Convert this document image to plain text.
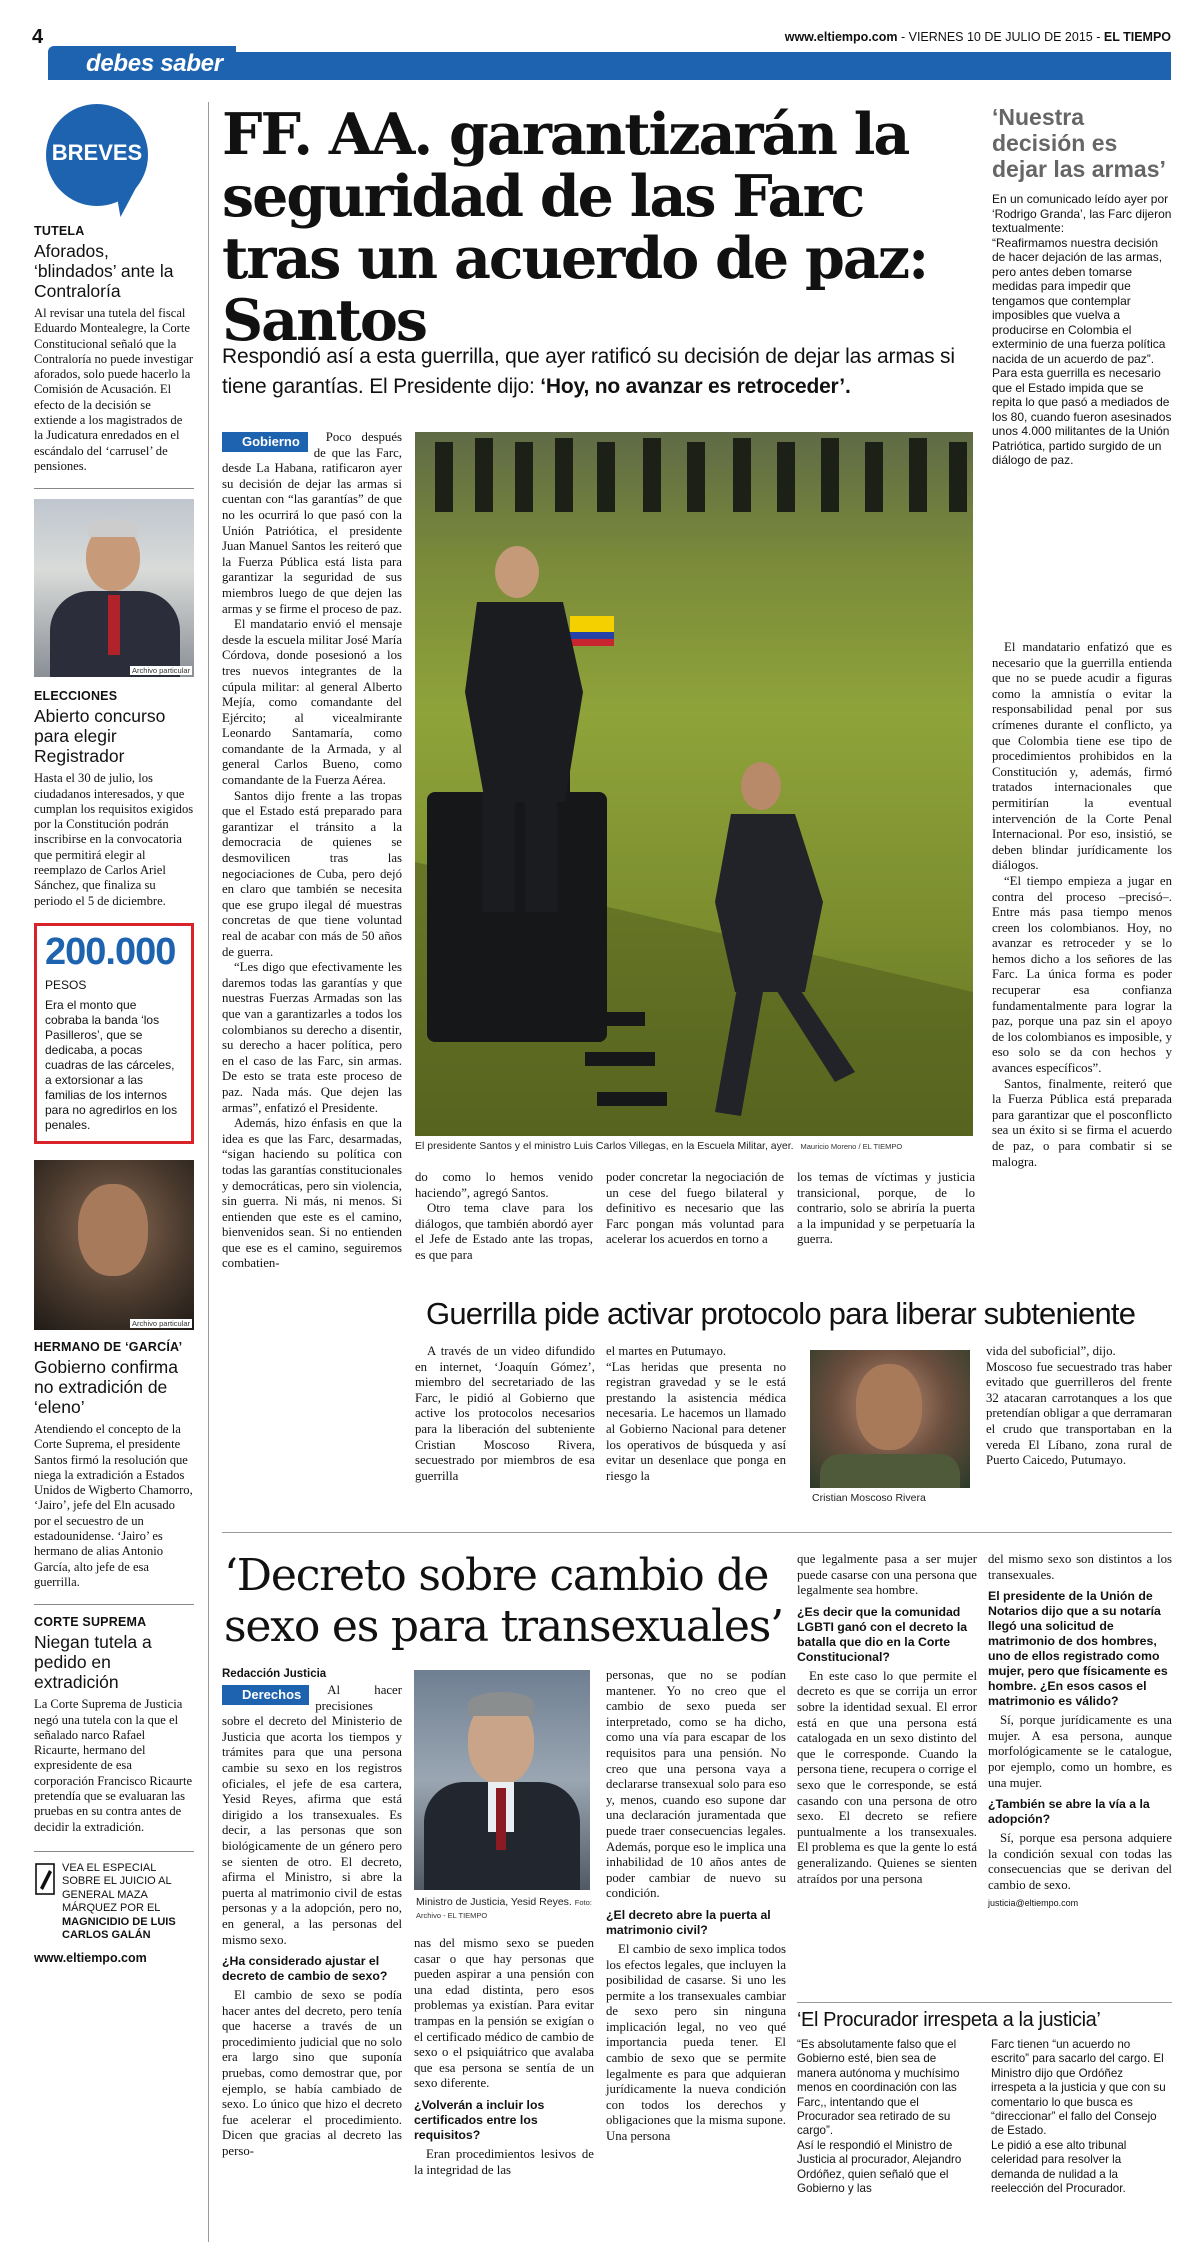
4	www.eltiempo.com - VIERNES 10 DE JULIO DE 2015 - EL TIEMPO
debes saber
BREVES
TUTELA
Aforados, ‘blindados’ ante la Contraloría

Al revisar una tutela del fiscal Eduardo Montealegre, la Corte Constitucional señaló que la Contraloría no puede investigar aforados, solo puede hacerlo la Comisión de Acusación. El efecto de la decisión se extiende a los magistrados de la Judicatura enredados en el escándalo del ‘carrusel’ de pensiones.

Archivo particular
ELECCIONES
Abierto concurso para elegir Registrador

Hasta el 30 de julio, los ciudadanos interesados, y que cumplan los requisitos exigidos por la Constitución podrán inscribirse en la convocatoria que permitirá elegir al reemplazo de Carlos Ariel Sánchez, que finaliza su periodo el 5 de diciembre.

200.000
PESOS
Era el monto que cobraba la banda ‘los Pasilleros’, que se dedicaba, a pocas cuadras de las cárceles, a extorsionar a las familias de los internos para no agredirlos en los penales.
Archivo particular
HERMANO DE ‘GARCÍA’
Gobierno confirma no extradición de ‘eleno’

Atendiendo el concepto de la Corte Suprema, el presidente Santos firmó la resolución que niega la extradición a Estados Unidos de Wigberto Chamorro, ‘Jairo’, jefe del Eln acusado por el secuestro de un estadounidense. ‘Jairo’ es hermano de alias Antonio García, alto jefe de esa guerrilla.

CORTE SUPREMA
Niegan tutela a pedido en extradición

La Corte Suprema de Justicia negó una tutela con la que el señalado narco Rafael Ricaurte, hermano del expresidente de esa corporación Francisco Ricaurte pretendía que se evaluaran las pruebas en su contra antes de decidir la extradición.

VEA EL ESPECIAL SOBRE EL JUICIO AL GENERAL MAZA MÁRQUEZ POR EL MAGNICIDIO DE LUIS CARLOS GALÁN
www.eltiempo.com
FF. AA. garantizarán la seguridad de las Farc tras un acuerdo de paz: Santos
Respondió así a esta guerrilla, que ayer ratificó su decisión de dejar las armas si tiene garantías. El Presidente dijo: ‘Hoy, no avanzar es retroceder’.
‘Nuestra decisión es dejar las armas’
En un comunicado leído ayer por ‘Rodrigo Granda’, las Farc dijeron textualmente:
“Reafirmamos nuestra decisión de hacer dejación de las armas, pero antes deben tomarse medidas para impedir que tengamos que contemplar imposibles que vuelva a producirse en Colombia el exterminio de una fuerza política nacida de un acuerdo de paz”.
Para esta guerrilla es necesario que el Estado impida que se repita lo que pasó a mediados de los 80, cuando fueron asesinados unos 4.000 militantes de la Unión Patriótica, partido surgido de un diálogo de paz.

Gobierno	Poco después de que las Farc, desde La Habana, ratificaron ayer su decisión de dejar las armas si cuentan con “las garantías” de que no les ocurrirá lo que pasó con la Unión Patriótica, el presidente Juan Manuel Santos les reiteró que la Fuerza Pública está lista para garantizar la seguridad de sus miembros luego de que dejen las armas y se firme el proceso de paz.

El mandatario envió el mensaje desde la escuela militar José María Córdova, donde posesionó a los tres nuevos integrantes de la cúpula militar: al general Alberto Mejía, como comandante del Ejército; al vicealmirante Leonardo Santamaría, como comandante de la Armada, y al general Carlos Bueno, como comandante de la Fuerza Aérea.

Santos dijo frente a las tropas que el Estado está preparado para garantizar el tránsito a la democracia de quienes se desmovilicen tras las negociaciones de Cuba, pero dejó en claro que también se necesita que ese grupo ilegal dé muestras concretas de que tiene voluntad real de acabar con más de 50 años de guerra.

“Les digo que efectivamente les daremos todas las garantías y que nuestras Fuerzas Armadas son las que van a garantizarles a todos los colombianos su derecho a disentir, su derecho a hacer política, pero en el caso de las Farc, sin armas. De esto se trata este proceso de paz. Nada más. Que dejen las armas”, enfatizó el Presidente.

Además, hizo énfasis en que la idea es que las Farc, desarmadas, “sigan haciendo su política con todas las garantías constitucionales y democráticas, pero sin violencia, sin guerra. Ni más, ni menos. Si entienden que este es el camino, bienvenidos sean. Si no entienden que ese es el camino, seguiremos combatien-

El presidente Santos y el ministro Luis Carlos Villegas, en la Escuela Militar, ayer. Mauricio Moreno / EL TIEMPO

do como lo hemos venido haciendo”, agregó Santos.

Otro tema clave para los diálogos, que también abordó ayer el Jefe de Estado ante las tropas, es que para

poder concretar la negociación de un cese del fuego bilateral y definitivo es necesario que las Farc pongan más voluntad para acelerar los acuerdos en torno a

los temas de víctimas y justicia transicional, porque, de lo contrario, solo se abriría la puerta a la impunidad y se perpetuaría la guerra.

El mandatario enfatizó que es necesario que la guerrilla entienda que no se puede acudir a figuras como la amnistía o evitar la responsabilidad penal por sus crímenes durante el conflicto, ya que Colombia tiene ese tipo de procedimientos prohibidos en la Constitución y, además, firmó tratados internacionales que permitirían la eventual intervención de la Corte Penal Internacional. Por eso, insistió, se deben blindar jurídicamente los diálogos.

“El tiempo empieza a jugar en contra del proceso –precisó–. Entre más pasa tiempo menos creen los colombianos. Hoy, no avanzar es retroceder y se lo hemos dicho a los señores de las Farc. La única forma es poder recuperar esa confianza fundamentalmente para lograr la paz, porque una paz sin el apoyo de los colombianos es imposible, y eso solo se da con hechos y avances específicos”.

Santos, finalmente, reiteró que la Fuerza Pública está preparada para garantizar que el posconflicto sea un éxito si se firma el acuerdo de paz, o para combatir si se malogra.

Guerrilla pide activar protocolo para liberar subteniente

A través de un video difundido en internet, ‘Joaquín Gómez’, miembro del secretariado de las Farc, le pidió al Gobierno que active los protocolos necesarios para la liberación del subteniente Cristian Moscoso Rivera, secuestrado por miembros de esa guerrilla

el martes en Putumayo.
“Las heridas que presenta no registran gravedad y se le está prestando la asistencia médica necesaria. Le hacemos un llamado al Gobierno Nacional para detener los operativos de búsqueda y así evitar un desenlace que ponga en riesgo la

Cristian Moscoso Rivera

vida del suboficial”, dijo.
Moscoso fue secuestrado tras haber evitado que guerrilleros del frente 32 atacaran carrotanques a los que pretendían obligar a que derramaran el crudo que transportaban en la vereda El Líbano, zona rural de Puerto Caicedo, Putumayo.

‘Decreto sobre cambio de sexo es para transexuales’
Redacción Justicia

Derechos	Al hacer precisiones sobre el decreto del Ministerio de Justicia que acorta los tiempos y trámites para que una persona cambie su sexo en los registros oficiales, el jefe de esa cartera, Yesid Reyes, afirma que está dirigido a los transexuales. Es decir, a las personas que son biológicamente de un género pero se sienten de otro. El decreto, afirma el Ministro, si abre la puerta al matrimonio civil de estas personas y a la adopción, pero no, en general, a las personas del mismo sexo.

¿Ha considerado ajustar el decreto de cambio de sexo?

El cambio de sexo se podía hacer antes del decreto, pero tenía que hacerse a través de un procedimiento judicial que no solo era largo sino que suponía pruebas, como demostrar que, por ejemplo, se había cambiado de sexo. Lo único que hizo el decreto fue acelerar el procedimiento. Dicen que gracias al decreto las perso-

Ministro de Justicia, Yesid Reyes. Foto: Archivo - EL TIEMPO

nas del mismo sexo se pueden casar o que hay personas que pueden aspirar a una pensión con una edad distinta, pero esos problemas ya existían. Para evitar trampas en la pensión se exigían o el certificado médico de cambio de sexo o el psiquiátrico que avalaba que esa persona se sentía de un sexo diferente.

¿Volverán a incluir los certificados entre los requisitos?

Eran procedimientos lesivos de la integridad de las

personas, que no se podían mantener. Yo no creo que el cambio de sexo pueda ser interpretado, como se ha dicho, como una vía para escapar de los requisitos para una pensión. No creo que una persona vaya a declararse transexual solo para eso y, menos, cuando eso supone dar una declaración juramentada que puede traer consecuencias legales. Además, porque eso le implica una inhabilidad de 10 años antes de poder cambiar de nuevo su condición.

¿El decreto abre la puerta al matrimonio civil?

El cambio de sexo implica todos los efectos legales, que incluyen la posibilidad de casarse. Si uno les permite a los transexuales cambiar de sexo pero sin ninguna implicación legal, no veo qué importancia pueda tener. El cambio de sexo que se permite legalmente es para que adquieran jurídicamente la nueva condición con todos los derechos y obligaciones que la misma supone. Una persona

que legalmente pasa a ser mujer puede casarse con una persona que legalmente sea hombre.

¿Es decir que la comunidad LGBTI ganó con el decreto la batalla que dio en la Corte Constitucional?

En este caso lo que permite el decreto es que se corrija un error sobre la identidad sexual. El error está en que una persona está catalogada en un sexo distinto del que le corresponde. Cuando la persona tiene, recupera o corrige el sexo que le corresponde, se está casando con una persona de otro sexo. El decreto se refiere puntualmente a los transexuales. El problema es que la gente lo está generalizando. Quienes se sienten atraídos por una persona

del mismo sexo son distintos a los transexuales.

El presidente de la Unión de Notarios dijo que a su notaría llegó una solicitud de matrimonio de dos hombres, uno de ellos registrado como mujer, pero que físicamente es hombre. ¿En esos casos el matrimonio es válido?

Sí, porque jurídicamente es una mujer. A esa persona, aunque morfológicamente se le catalogue, por ejemplo, como un hombre, es una mujer.

¿También se abre la vía a la adopción?

Sí, porque esa persona adquiere la condición sexual con todas las consecuencias que se derivan del cambio de sexo.

justicia@eltiempo.com
‘El Procurador irrespeta a la justicia’
“Es absolutamente falso que el Gobierno esté, bien sea de manera autónoma y muchísimo menos en coordinación con las Farc,, intentando que el Procurador sea retirado de su cargo”.
Así le respondió el Ministro de Justicia al procurador, Alejandro Ordóñez, quien señaló que el Gobierno y las
Farc tienen “un acuerdo no escrito” para sacarlo del cargo. El Ministro dijo que Ordóñez irrespeta a la justicia y que con su comentario lo que busca es “direccionar” el fallo del Consejo de Estado.
Le pidió a ese alto tribunal celeridad para resolver la demanda de nulidad a la reelección del Procurador.
